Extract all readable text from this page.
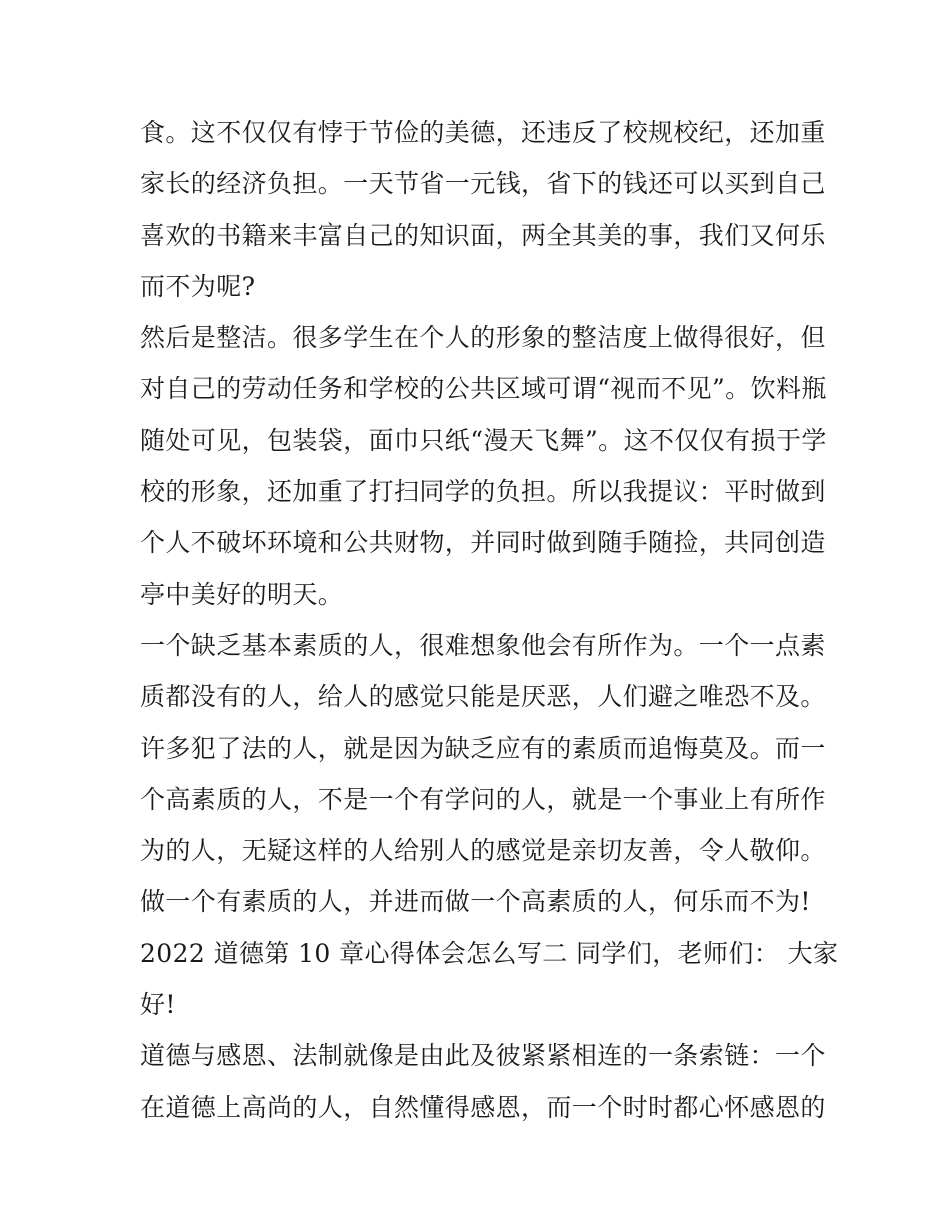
食。这不仅仅有悖于节俭的美德，还违反了校规校纪，还加重
家长的经济负担。一天节省一元钱，省下的钱还可以买到自己
喜欢的书籍来丰富自己的知识面，两全其美的事，我们又何乐
而不为呢?
然后是整洁。很多学生在个人的形象的整洁度上做得很好，但
对自己的劳动任务和学校的公共区域可谓“视而不见”。饮料瓶
随处可见，包装袋，面巾只纸“漫天飞舞”。这不仅仅有损于学
校的形象，还加重了打扫同学的负担。所以我提议：平时做到
个人不破坏环境和公共财物，并同时做到随手随捡，共同创造
亭中美好的明天。
一个缺乏基本素质的人，很难想象他会有所作为。一个一点素
质都没有的人，给人的感觉只能是厌恶，人们避之唯恐不及。
许多犯了法的人，就是因为缺乏应有的素质而追悔莫及。而一
个高素质的人，不是一个有学问的人，就是一个事业上有所作
为的人，无疑这样的人给别人的感觉是亲切友善，令人敬仰。
做一个有素质的人，并进而做一个高素质的人，何乐而不为!
2022 道德第 10 章心得体会怎么写二 同学们，老师们： 大家
好!
道德与感恩、法制就像是由此及彼紧紧相连的一条索链：一个
在道德上高尚的人，自然懂得感恩，而一个时时都心怀感恩的
